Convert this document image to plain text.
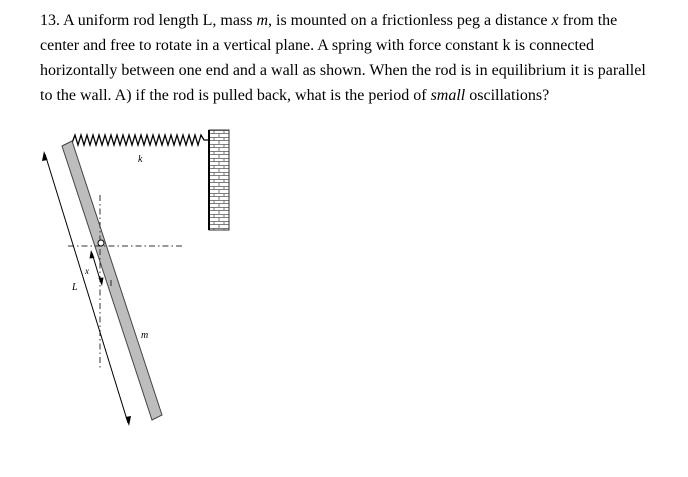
13. A uniform rod length L, mass m, is mounted on a frictionless peg a distance x from the
center and free to rotate in a vertical plane. A spring with force constant k is connected
horizontally between one end and a wall as shown. When the rod is in equilibrium it is parallel
to the wall. A) if the rod is pulled back, what is the period of small oscillations?
k
L
x
m
